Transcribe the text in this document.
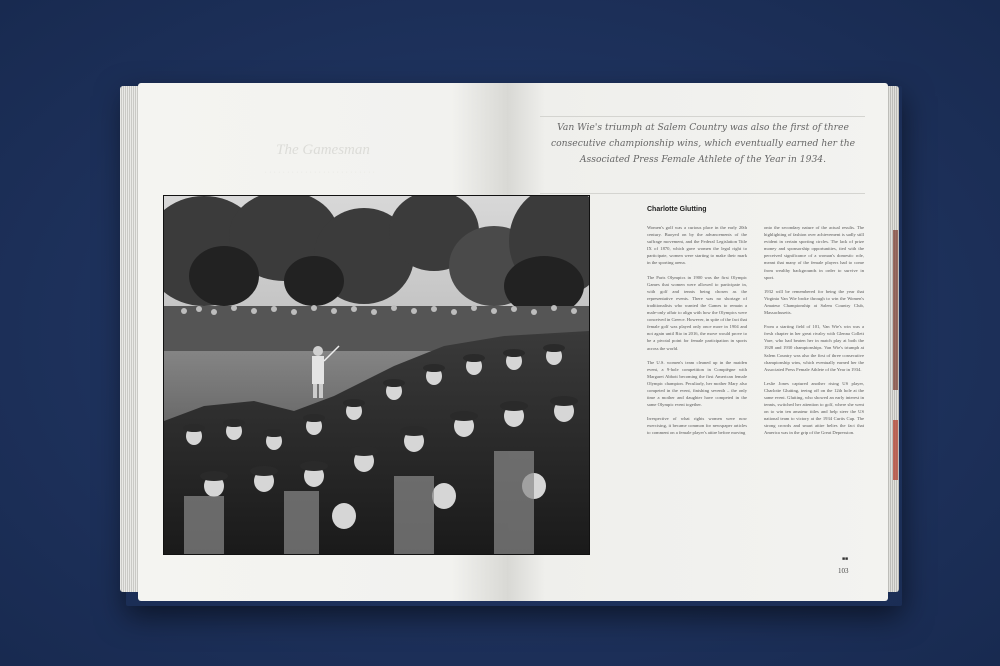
The Gamesman
· · · · · · · · · · · · · · · · · · · · · · · · ·
Van Wie's triumph at Salem Country was also the first of three consecutive championship wins, which eventually earned her the Associated Press Female Athlete of the Year in 1934.
Charlotte Glutting

Women's golf was a curious place in the early 20th century. Buoyed on by the advancements of the suffrage movement, and the Federal Legislation Title IX of 1870, which gave women the legal right to participate, women were starting to make their mark in the sporting arena.

The Paris Olympics in 1900 was the first Olympic Games that women were allowed to participate in, with golf and tennis being chosen as the representative events. There was no shortage of traditionalists who wanted the Games to remain a male-only affair to align with how the Olympics were conceived in Greece. However, in spite of the fact that female golf was played only once more in 1904 and not again until Rio in 2016, the move would prove to be a pivotal point for female participation in sports across the world.

The U.S. women's team cleaned up in the maiden event, a 9-hole competition in Compiègne with Margaret Abbott becoming the first American female Olympic champion. Peculiarly, her mother Mary also competed in the event, finishing seventh – the only time a mother and daughter have competed in the same Olympic event together.

Irrespective of what rights women were now exercising, it became common for newspaper articles to comment on a female player's attire before moving

onto the secondary nature of the actual results. The highlighting of fashion over achievement is sadly still evident in certain sporting circles. The lack of prize money and sponsorship opportunities, tied with the perceived significance of a woman's domestic role, meant that many of the female players had to come from wealthy backgrounds in order to survive in sport.

1932 will be remembered for being the year that Virginia Van Wie broke through to win the Women's Amateur Championship at Salem Country Club, Massachusetts.

From a starting field of 101, Van Wie's win was a fresh chapter in her great rivalry with Glenna Collett Vare, who had beaten her in match play at both the 1928 and 1930 championships. Van Wie's triumph at Salem Country was also the first of three consecutive championship wins, which eventually earned her the Associated Press Female Athlete of the Year in 1934.

Leslie Jones captured another rising US player, Charlotte Glutting, teeing off on the 12th hole at the same event. Glutting, who showed an early interest in tennis, switched her attention to golf, where she went on to win ten amateur titles and help steer the US national team to victory at the 1934 Curtis Cup. The strong crowds and smart attire belies the fact that America was in the grip of the Great Depression.

■■
103
